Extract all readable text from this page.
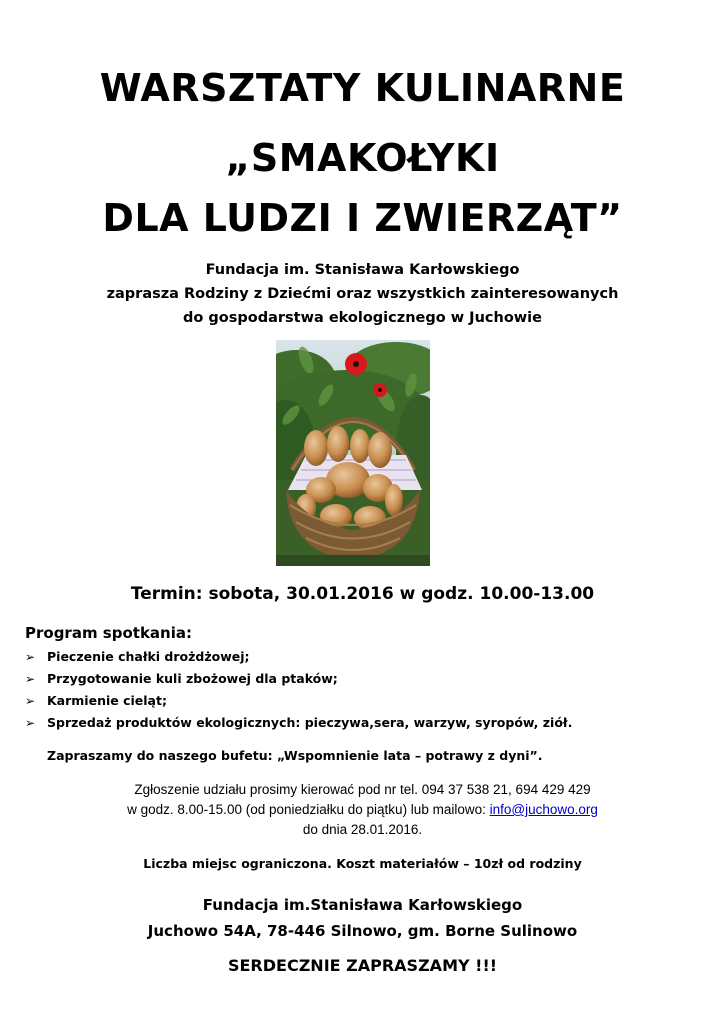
WARSZTATY KULINARNE
„SMAKOŁYKI
DLA LUDZI I ZWIERZĄT”
Fundacja im. Stanisława Karłowskiego
zaprasza Rodziny z Dziećmi oraz wszystkich zainteresowanych
do gospodarstwa ekologicznego w Juchowie
Termin: sobota, 30.01.2016 w godz. 10.00-13.00
Program spotkania:
➢ Pieczenie chałki drożdżowej;
➢ Przygotowanie kuli zbożowej dla ptaków;
➢ Karmienie cieląt;
➢ Sprzedaż produktów ekologicznych: pieczywa,sera, warzyw, syropów, ziół.
Zapraszamy do naszego bufetu: „Wspomnienie lata – potrawy z dyni”.
Zgłoszenie udziału prosimy kierować pod nr tel. 094 37 538 21, 694 429 429
w godz. 8.00-15.00 (od poniedziałku do piątku) lub mailowo: info@juchowo.org
do dnia 28.01.2016.
Liczba miejsc ograniczona. Koszt materiałów – 10zł od rodziny
Fundacja im.Stanisława Karłowskiego
Juchowo 54A, 78-446 Silnowo, gm. Borne Sulinowo
SERDECZNIE ZAPRASZAMY !!!
